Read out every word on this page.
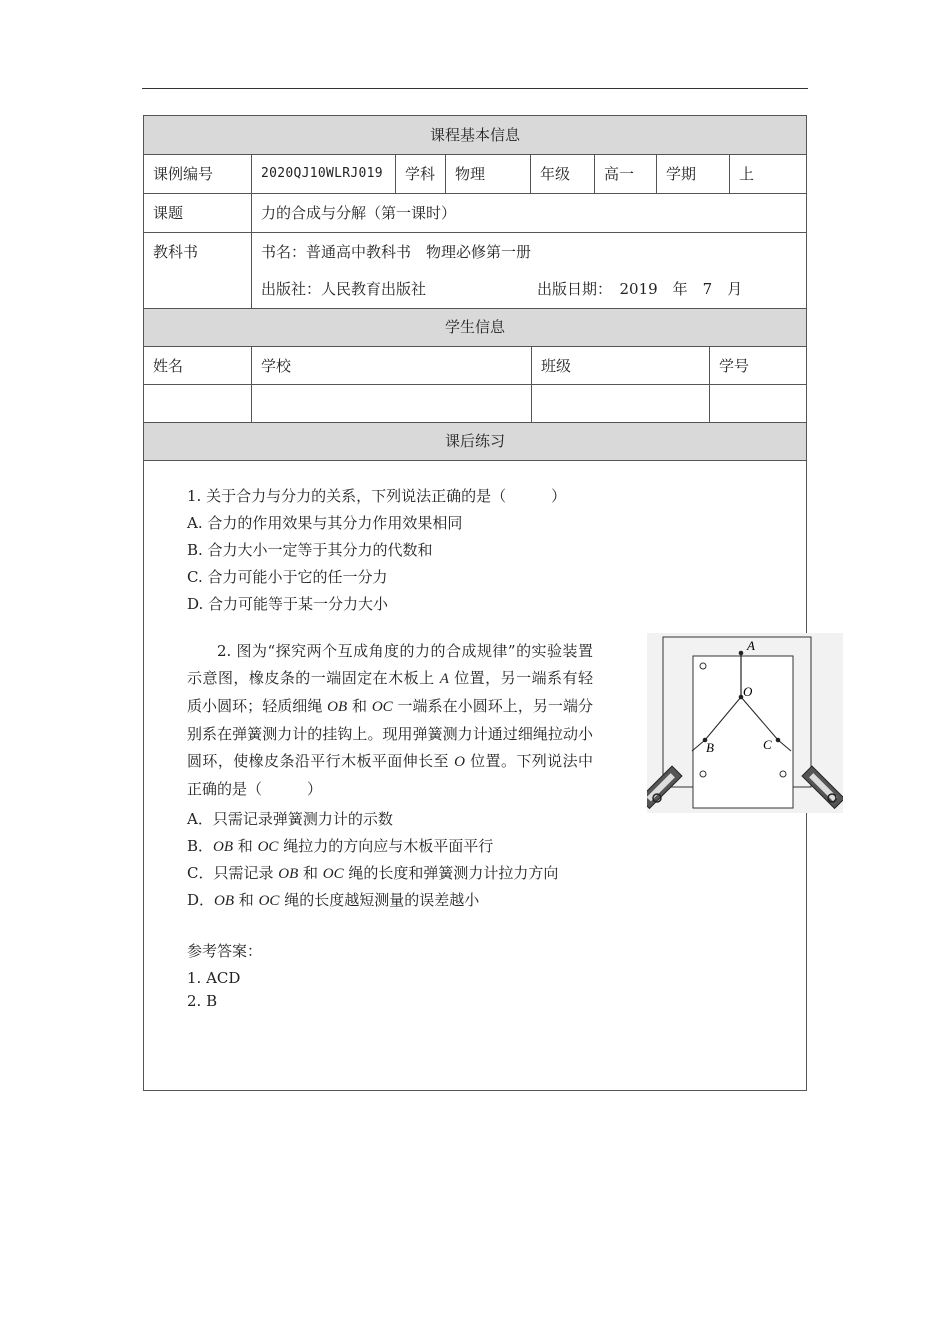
课程基本信息
课例编号	2020QJ10WLRJ019	学科	物理	年级	高一	学期	上
课题	力的合成与分解（第一课时）
教科书	书名：普通高中教科书　物理必修第一册
出版社：人民教育出版社	出版日期：　2019　年　7　月
学生信息
姓名	学校	班级	学号
课后练习
1. 关于合力与分力的关系，下列说法正确的是（　　　）
A. 合力的作用效果与其分力作用效果相同
B. 合力大小一定等于其分力的代数和
C. 合力可能小于它的任一分力
D. 合力可能等于某一分力大小
2. 图为“探究两个互成角度的力的合成规律”的实验装置示意图，橡皮条的一端固定在木板上 A 位置，另一端系有轻质小圆环；轻质细绳 OB 和 OC 一端系在小圆环上，另一端分别系在弹簧测力计的挂钩上。现用弹簧测力计通过细绳拉动小圆环，使橡皮条沿平行木板平面伸长至 O 位置。下列说法中正确的是（　　　）
A．只需记录弹簧测力计的示数
B．OB 和 OC 绳拉力的方向应与木板平面平行
C．只需记录 OB 和 OC 绳的长度和弹簧测力计拉力方向
D．OB 和 OC 绳的长度越短测量的误差越小
参考答案：
1. ACD
2. B
A
O
B	C
